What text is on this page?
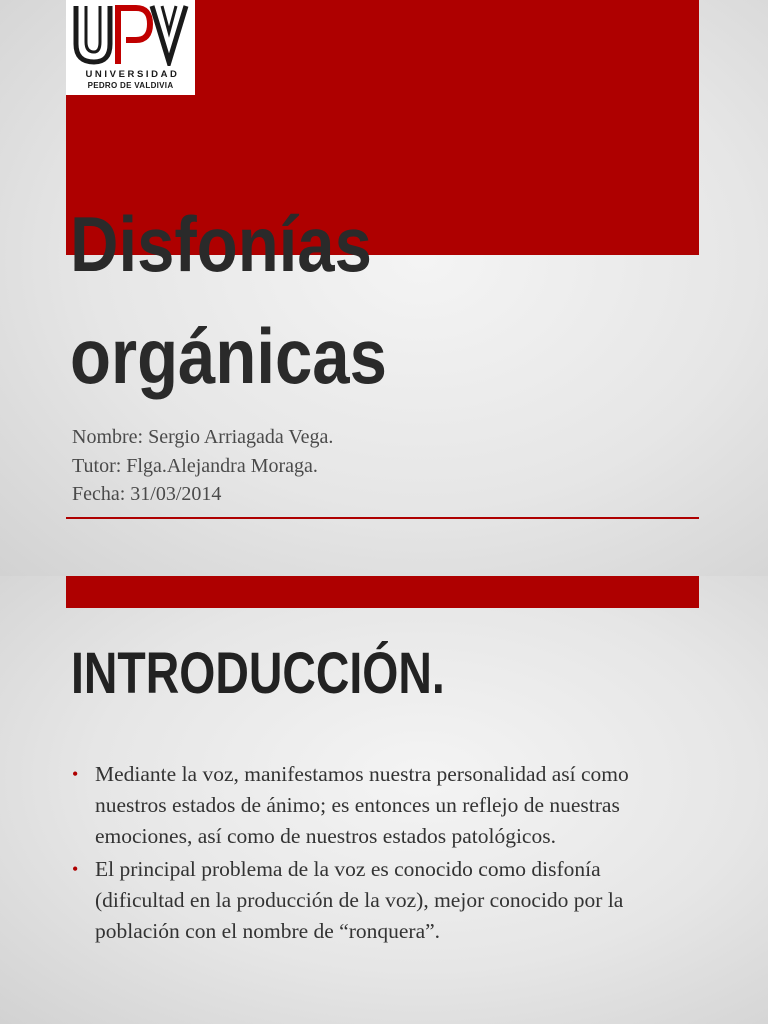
UNIVERSIDAD
PEDRO DE VALDIVIA
Disfonías
orgánicas
Nombre: Sergio Arriagada Vega.
Tutor: Flga.Alejandra Moraga.
Fecha: 31/03/2014
INTRODUCCIÓN.
• Mediante la voz, manifestamos nuestra personalidad así como nuestros estados de ánimo; es entonces un reflejo de nuestras emociones, así como de nuestros estados patológicos.
• El principal problema de la voz es conocido como disfonía (dificultad en la producción de la voz), mejor conocido por la población con el nombre de “ronquera”.
